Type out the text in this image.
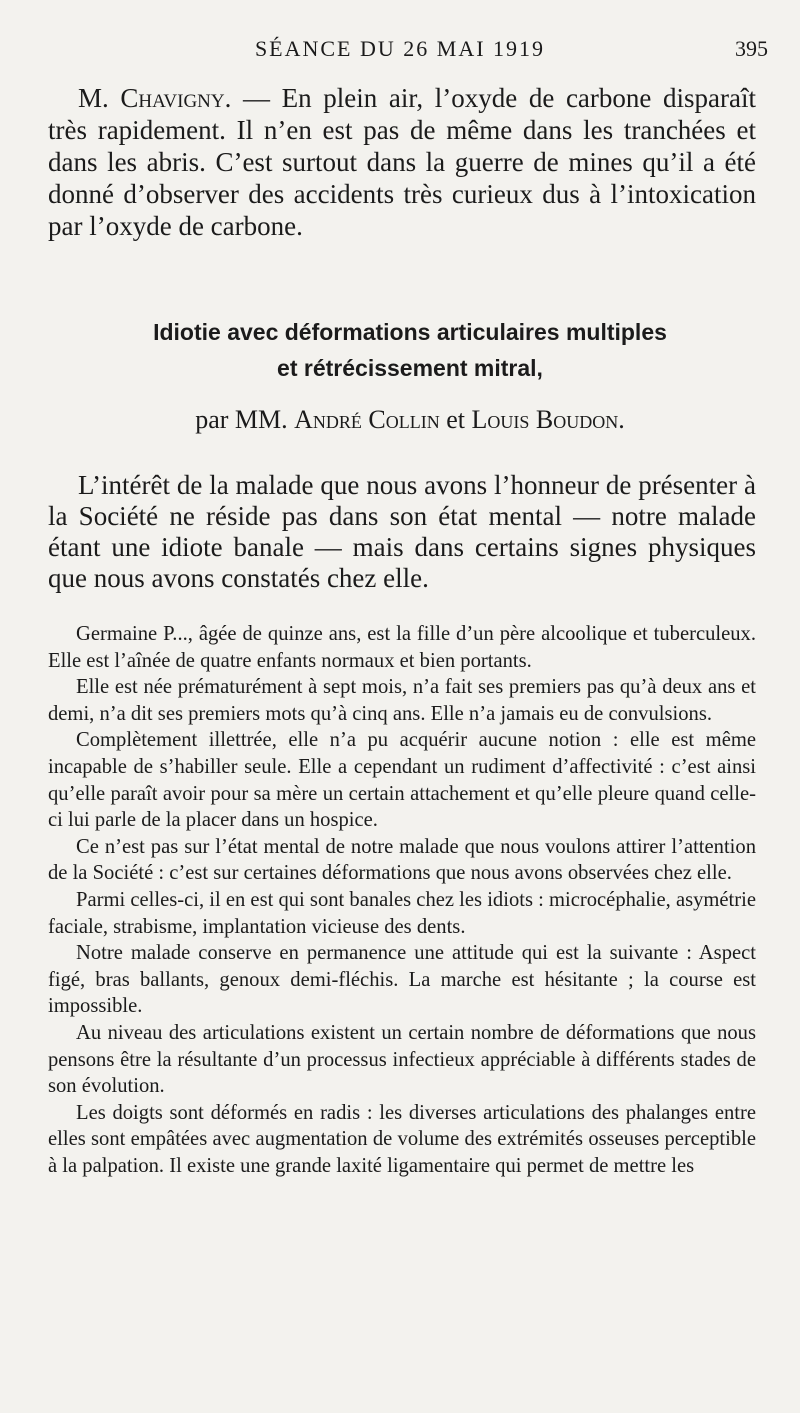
SÉANCE DU 26 MAI 1919	395

M. Chavigny. — En plein air, l’oxyde de carbone disparaît très rapidement. Il n’en est pas de même dans les tranchées et dans les abris. C’est surtout dans la guerre de mines qu’il a été donné d’observer des accidents très curieux dus à l’intoxication par l’oxyde de carbone.

Idiotie avec déformations articulaires multiples
et rétrécissement mitral,
par MM. André Collin et Louis Boudon.

L’intérêt de la malade que nous avons l’honneur de présenter à la Société ne réside pas dans son état mental — notre malade étant une idiote banale — mais dans certains signes physiques que nous avons constatés chez elle.

Germaine P..., âgée de quinze ans, est la fille d’un père alcoolique et tuberculeux. Elle est l’aînée de quatre enfants normaux et bien portants.

Elle est née prématurément à sept mois, n’a fait ses premiers pas qu’à deux ans et demi, n’a dit ses premiers mots qu’à cinq ans. Elle n’a jamais eu de convulsions.

Complètement illettrée, elle n’a pu acquérir aucune notion : elle est même incapable de s’habiller seule. Elle a cependant un rudiment d’affectivité : c’est ainsi qu’elle paraît avoir pour sa mère un certain attachement et qu’elle pleure quand celle-ci lui parle de la placer dans un hospice.

Ce n’est pas sur l’état mental de notre malade que nous voulons attirer l’attention de la Société : c’est sur certaines déformations que nous avons observées chez elle.

Parmi celles-ci, il en est qui sont banales chez les idiots : microcéphalie, asymétrie faciale, strabisme, implantation vicieuse des dents.

Notre malade conserve en permanence une attitude qui est la suivante : Aspect figé, bras ballants, genoux demi-fléchis. La marche est hésitante ; la course est impossible.

Au niveau des articulations existent un certain nombre de déformations que nous pensons être la résultante d’un processus infectieux appréciable à différents stades de son évolution.

Les doigts sont déformés en radis : les diverses articulations des phalanges entre elles sont empâtées avec augmentation de volume des extrémités osseuses perceptible à la palpation. Il existe une grande laxité ligamentaire qui permet de mettre les
